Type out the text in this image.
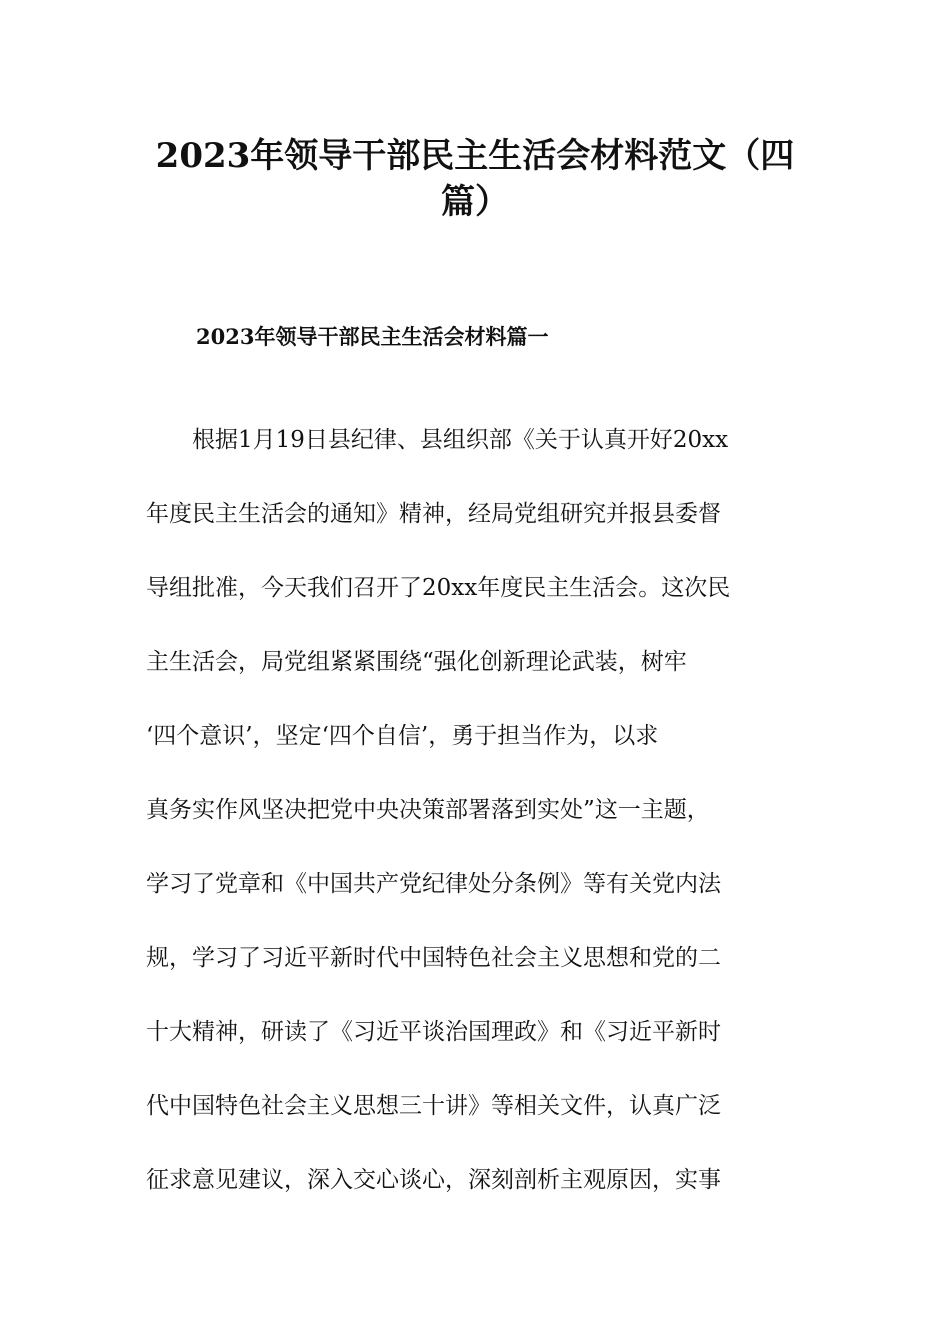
2023年领导干部民主生活会材料范文（四
篇）
2023年领导干部民主生活会材料篇一
　　根据1月19日县纪律、县组织部《关于认真开好20xx
年度民主生活会的通知》精神，经局党组研究并报县委督
导组批准，今天我们召开了20xx年度民主生活会。这次民
主生活会，局党组紧紧围绕“强化创新理论武装，树牢
‘四个意识’，坚定‘四个自信’，勇于担当作为，以求
真务实作风坚决把党中央决策部署落到实处”这一主题，
学习了党章和《中国共产党纪律处分条例》等有关党内法
规，学习了习近平新时代中国特色社会主义思想和党的二
十大精神，研读了《习近平谈治国理政》和《习近平新时
代中国特色社会主义思想三十讲》等相关文件，认真广泛
征求意见建议，深入交心谈心，深刻剖析主观原因，实事
